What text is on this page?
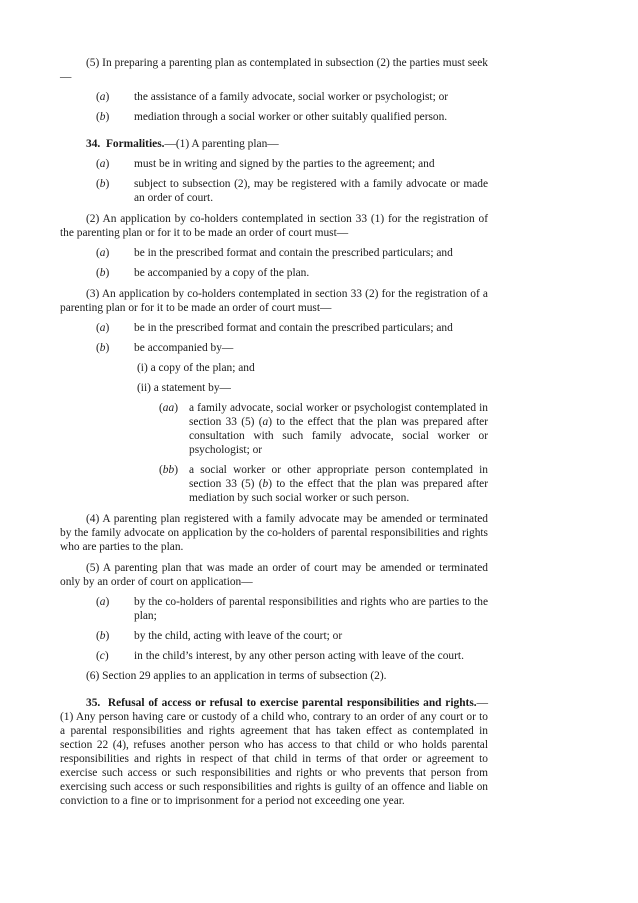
(5) In preparing a parenting plan as contemplated in subsection (2) the parties must seek—

(a)	the assistance of a family advocate, social worker or psychologist; or
(b)	mediation through a social worker or other suitably qualified person.

34. Formalities.—(1) A parenting plan—

(a)	must be in writing and signed by the parties to the agreement; and
(b)	subject to subsection (2), may be registered with a family advocate or made an order of court.

(2) An application by co-holders contemplated in section 33 (1) for the registration of the parenting plan or for it to be made an order of court must—

(a)	be in the prescribed format and contain the prescribed particulars; and
(b)	be accompanied by a copy of the plan.

(3) An application by co-holders contemplated in section 33 (2) for the registration of a parenting plan or for it to be made an order of court must—

(a)	be in the prescribed format and contain the prescribed particulars; and
(b)	be accompanied by—

(i) a copy of the plan; and

(ii) a statement by—

(aa) a family advocate, social worker or psychologist contemplated in section 33 (5) (a) to the effect that the plan was prepared after consultation with such family advocate, social worker or psychologist; or
(bb) a social worker or other appropriate person contemplated in section 33 (5) (b) to the effect that the plan was prepared after mediation by such social worker or such person.

(4) A parenting plan registered with a family advocate may be amended or terminated by the family advocate on application by the co-holders of parental responsibilities and rights who are parties to the plan.

(5) A parenting plan that was made an order of court may be amended or terminated only by an order of court on application—

(a)	by the co-holders of parental responsibilities and rights who are parties to the plan;
(b)	by the child, acting with leave of the court; or
(c)	in the child’s interest, by any other person acting with leave of the court.

(6) Section 29 applies to an application in terms of subsection (2).

35. Refusal of access or refusal to exercise parental responsibilities and rights.—(1) Any person having care or custody of a child who, contrary to an order of any court or to a parental responsibilities and rights agreement that has taken effect as contemplated in section 22 (4), refuses another person who has access to that child or who holds parental responsibilities and rights in respect of that child in terms of that order or agreement to exercise such access or such responsibilities and rights or who prevents that person from exercising such access or such responsibilities and rights is guilty of an offence and liable on conviction to a fine or to imprisonment for a period not exceeding one year.
